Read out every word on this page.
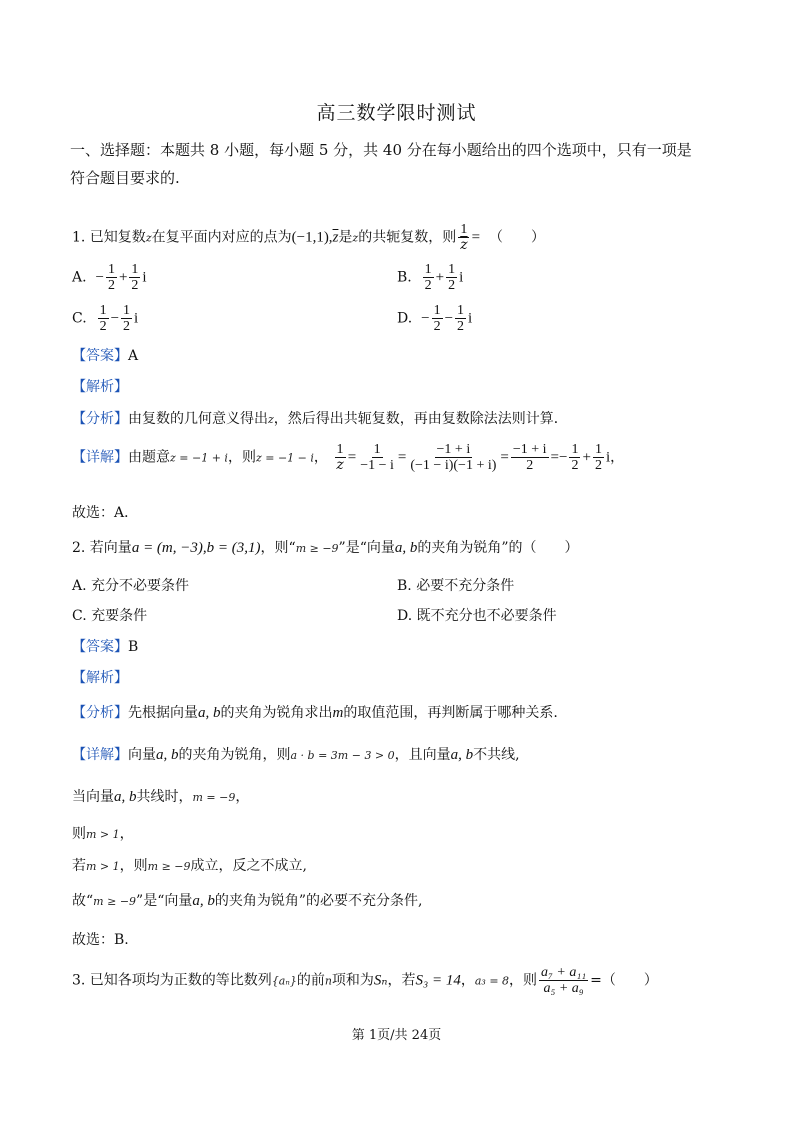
高三数学限时测试
一、选择题：本题共 8 小题，每小题 5 分，共 40 分在每小题给出的四个选项中，只有一项是
符合题目要求的.
1. 已知复数z在复平面内对应的点为$(-1,1),\overline{z}$是z的共轭复数，则 $\frac{1}{z}$ = （　　）
A. − $\frac{1}{2} + \frac{1}{2}$ i	B. $\frac{1}{2} + \frac{1}{2}$ i
C. $\frac{1}{2} - \frac{1}{2}$ i	D. − $\frac{1}{2} - \frac{1}{2}$ i
【答案】A
【解析】
【分析】由复数的几何意义得出z，然后得出共轭复数，再由复数除法法则计算．
【详解】由题意z = −1 + i，则z = −1 − i， $\frac{1}{z} = \frac{1}{-1 - i} = \frac{-1 + i}{(-1 - i)(-1 + i)} = \frac{-1 + i}{2} =- \frac{1}{2} + \frac{1}{2}$ i，
故选：A．
2. 若向量a = (m, −3),b = (3,1)，则“m ≥ −9”是“向量a, b的夹角为锐角”的（　　）
A. 充分不必要条件	B. 必要不充分条件
C. 充要条件	D. 既不充分也不必要条件
【答案】B
【解析】
【分析】先根据向量a, b的夹角为锐角求出m的取值范围，再判断属于哪种关系.
【详解】向量a, b的夹角为锐角，则a · b = 3m − 3 > 0，且向量a, b不共线,
当向量a, b共线时，m = −9，
则m > 1，
若m > 1，则m ≥ −9成立，反之不成立,
故“m ≥ −9”是“向量a, b的夹角为锐角”的必要不充分条件,
故选：B.
3. 已知各项均为正数的等比数列{aₙ}的前n项和为Sₙ，若S₃ = 14，a₃ = 8，则 $\frac{\text{a₇ + a₁₁}}{\text{a₅ + a₉}}$ =（　　）
第 1页/共 24页
